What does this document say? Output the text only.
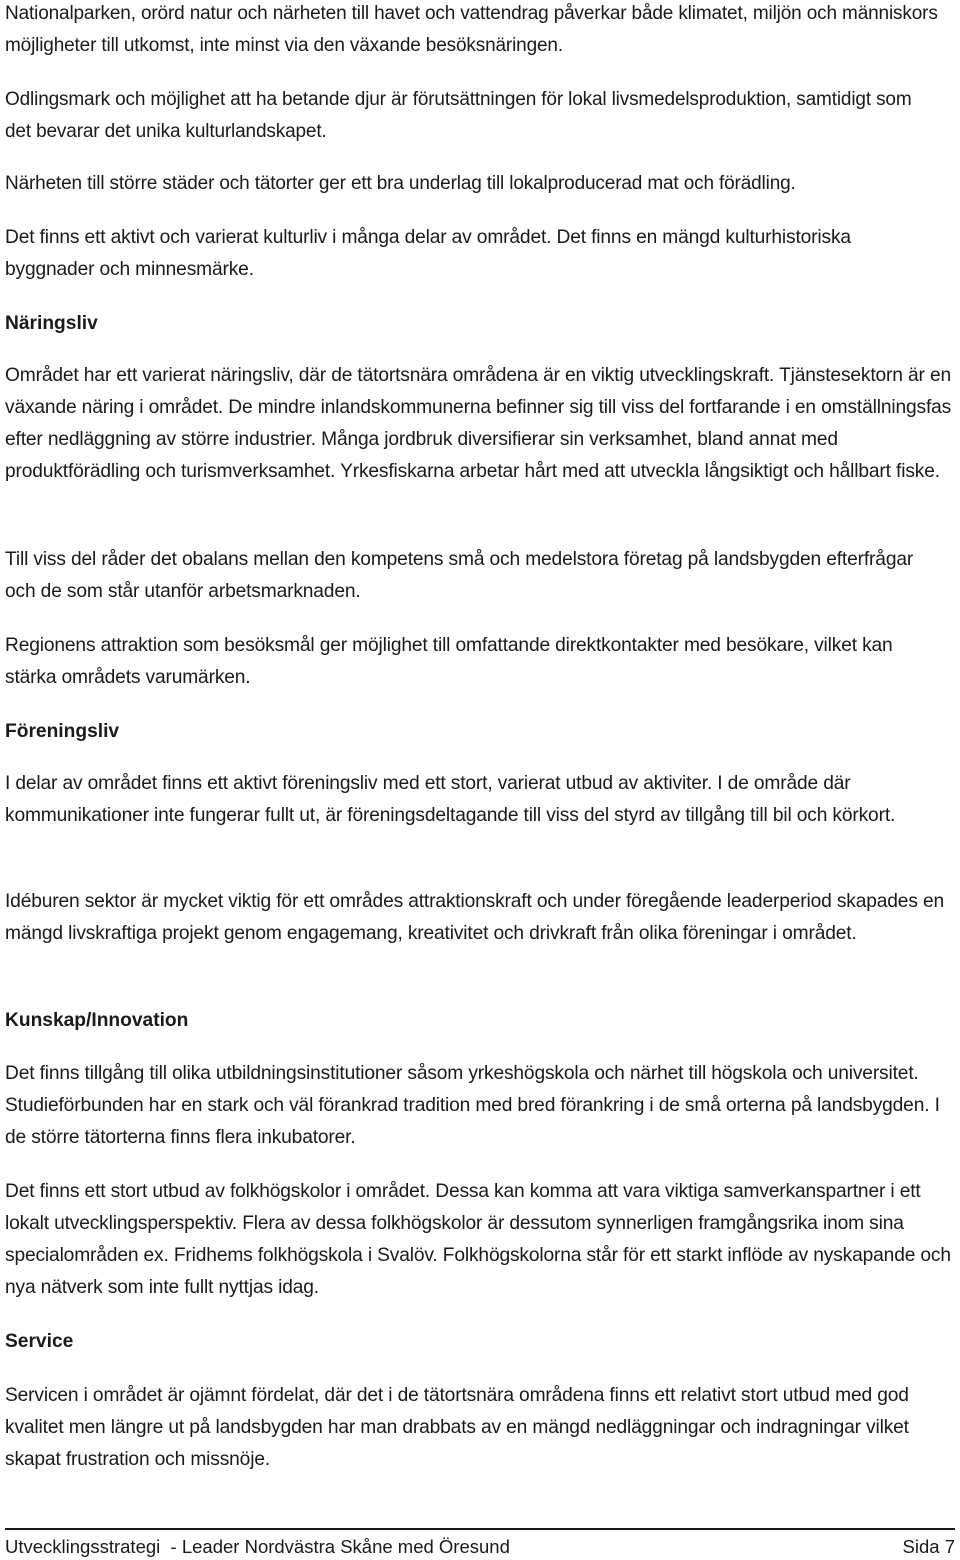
Nationalparken, orörd natur och närheten till havet och vattendrag påverkar både klimatet, miljön och människors möjligheter till utkomst, inte minst via den växande besöksnäringen.

Odlingsmark och möjlighet att ha betande djur är förutsättningen för lokal livsmedelsproduktion, samtidigt som det bevarar det unika kulturlandskapet.

Närheten till större städer och tätorter ger ett bra underlag till lokalproducerad mat och förädling.

Det finns ett aktivt och varierat kulturliv i många delar av området. Det finns en mängd kulturhistoriska byggnader och minnesmärke.

Näringsliv

Området har ett varierat näringsliv, där de tätortsnära områdena är en viktig utvecklingskraft. Tjänstesektorn är en växande näring i området. De mindre inlandskommunerna befinner sig till viss del fortfarande i en omställningsfas efter nedläggning av större industrier. Många jordbruk diversifierar sin verksamhet, bland annat med produktförädling och turismverksamhet. Yrkesfiskarna arbetar hårt med att utveckla långsiktigt och hållbart fiske.

Till viss del råder det obalans mellan den kompetens små och medelstora företag på landsbygden efterfrågar och de som står utanför arbetsmarknaden.

Regionens attraktion som besöksmål ger möjlighet till omfattande direktkontakter med besökare, vilket kan stärka områdets varumärken.

Föreningsliv

I delar av området finns ett aktivt föreningsliv med ett stort, varierat utbud av aktiviter. I de område där kommunikationer inte fungerar fullt ut, är föreningsdeltagande till viss del styrd av tillgång till bil och körkort.

Idéburen sektor är mycket viktig för ett områdes attraktionskraft och under föregående leaderperiod skapades en mängd livskraftiga projekt genom engagemang, kreativitet och drivkraft från olika föreningar i området.

Kunskap/Innovation

Det finns tillgång till olika utbildningsinstitutioner såsom yrkeshögskola och närhet till högskola och universitet. Studieförbunden har en stark och väl förankrad tradition med bred förankring i de små orterna på landsbygden. I de större tätorterna finns flera inkubatorer.

Det finns ett stort utbud av folkhögskolor i området. Dessa kan komma att vara viktiga samverkanspartner i ett lokalt utvecklingsperspektiv. Flera av dessa folkhögskolor är dessutom synnerligen framgångsrika inom sina specialområden ex. Fridhems folkhögskola i Svalöv. Folkhögskolorna står för ett starkt inflöde av nyskapande och nya nätverk som inte fullt nyttjas idag.

Service

Servicen i området är ojämnt fördelat, där det i de tätortsnära områdena finns ett relativt stort utbud med god kvalitet men längre ut på landsbygden har man drabbats av en mängd nedläggningar och indragningar vilket skapat frustration och missnöje.

Utvecklingsstrategi  - Leader Nordvästra Skåne med Öresund	Sida 7
